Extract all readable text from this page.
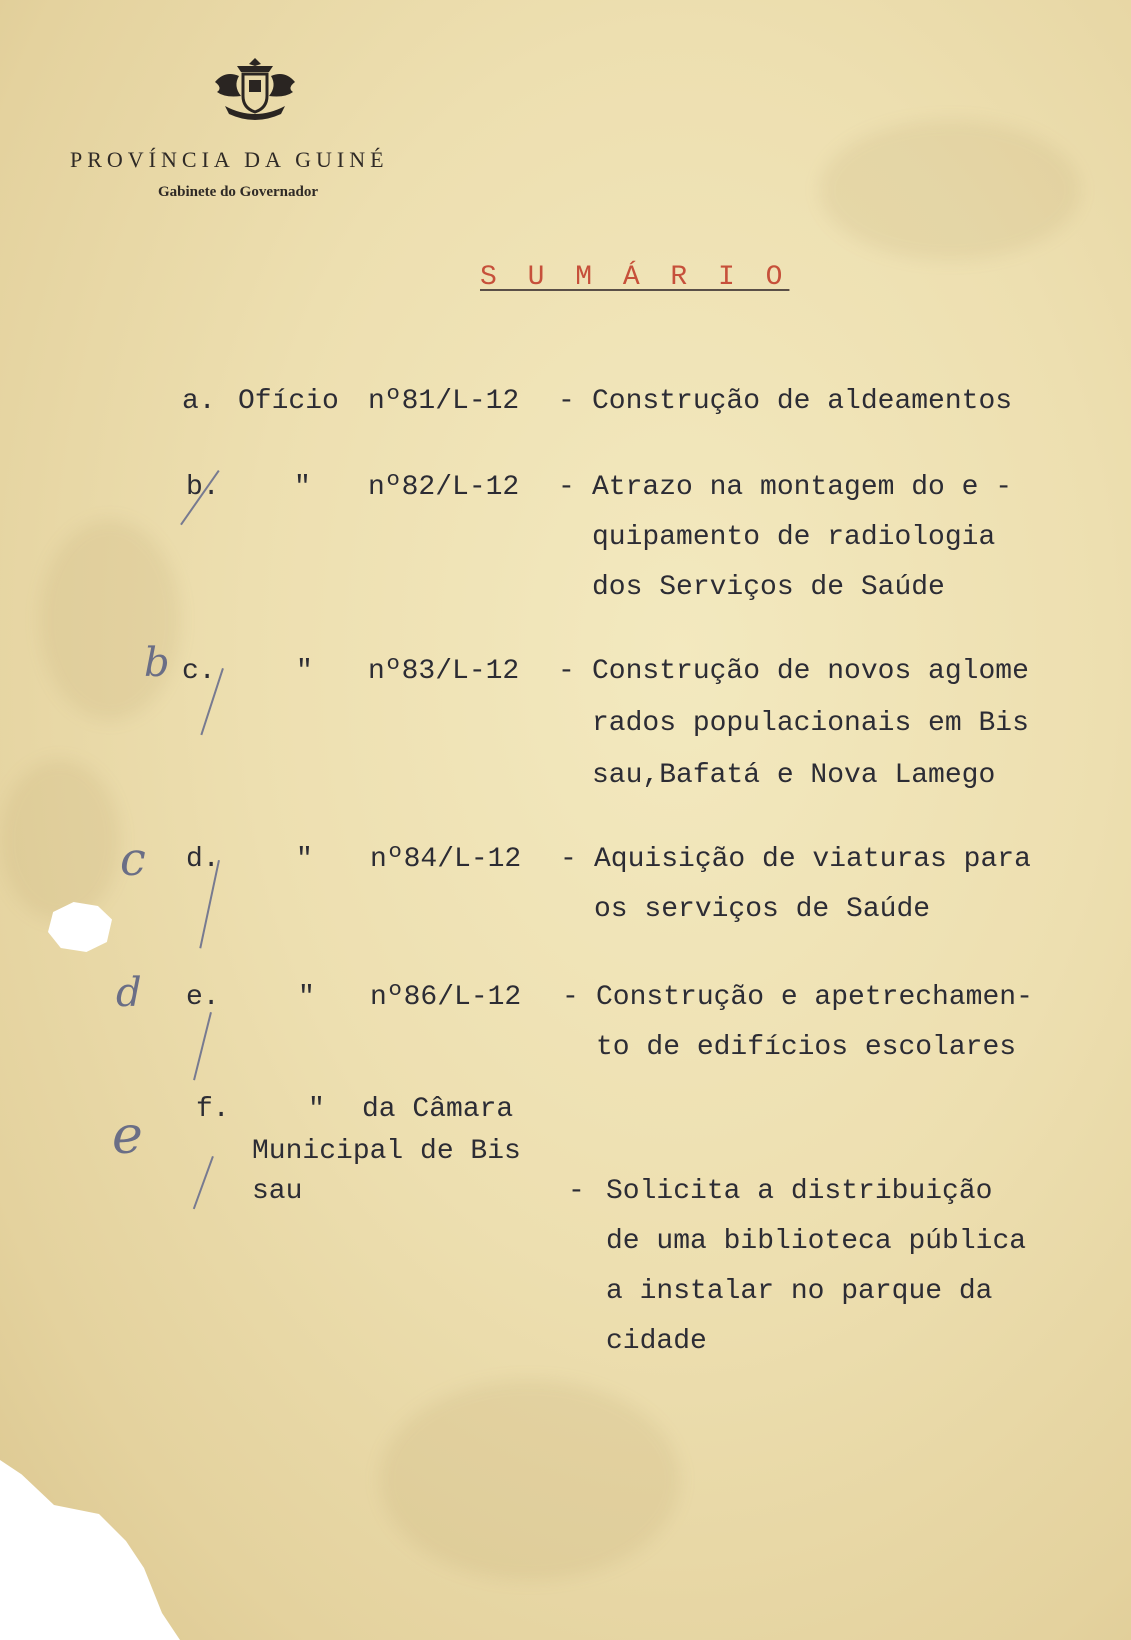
PROVÍNCIA DA GUINÉ
Gabinete do Governador
S U M Á R I O
a. Ofício nº81/L-12 - Construção de aldeamentos
b.	" nº82/L-12 - Atrazo na montagem do e -
quipamento de radiologia
dos Serviços de Saúde
b c.	" nº83/L-12 - Construção de novos aglome
rados populacionais em Bis
sau,Bafatá e Nova Lamego
c d.	" nº84/L-12 - Aquisição de viaturas para
os serviços de Saúde
d e.	" nº86/L-12 - Construção e apetrechamen-
to de edifícios escolares
e f.	" da Câmara
Municipal de Bis
sau	- Solicita a distribuição
de uma biblioteca pública
a instalar no parque da
cidade
